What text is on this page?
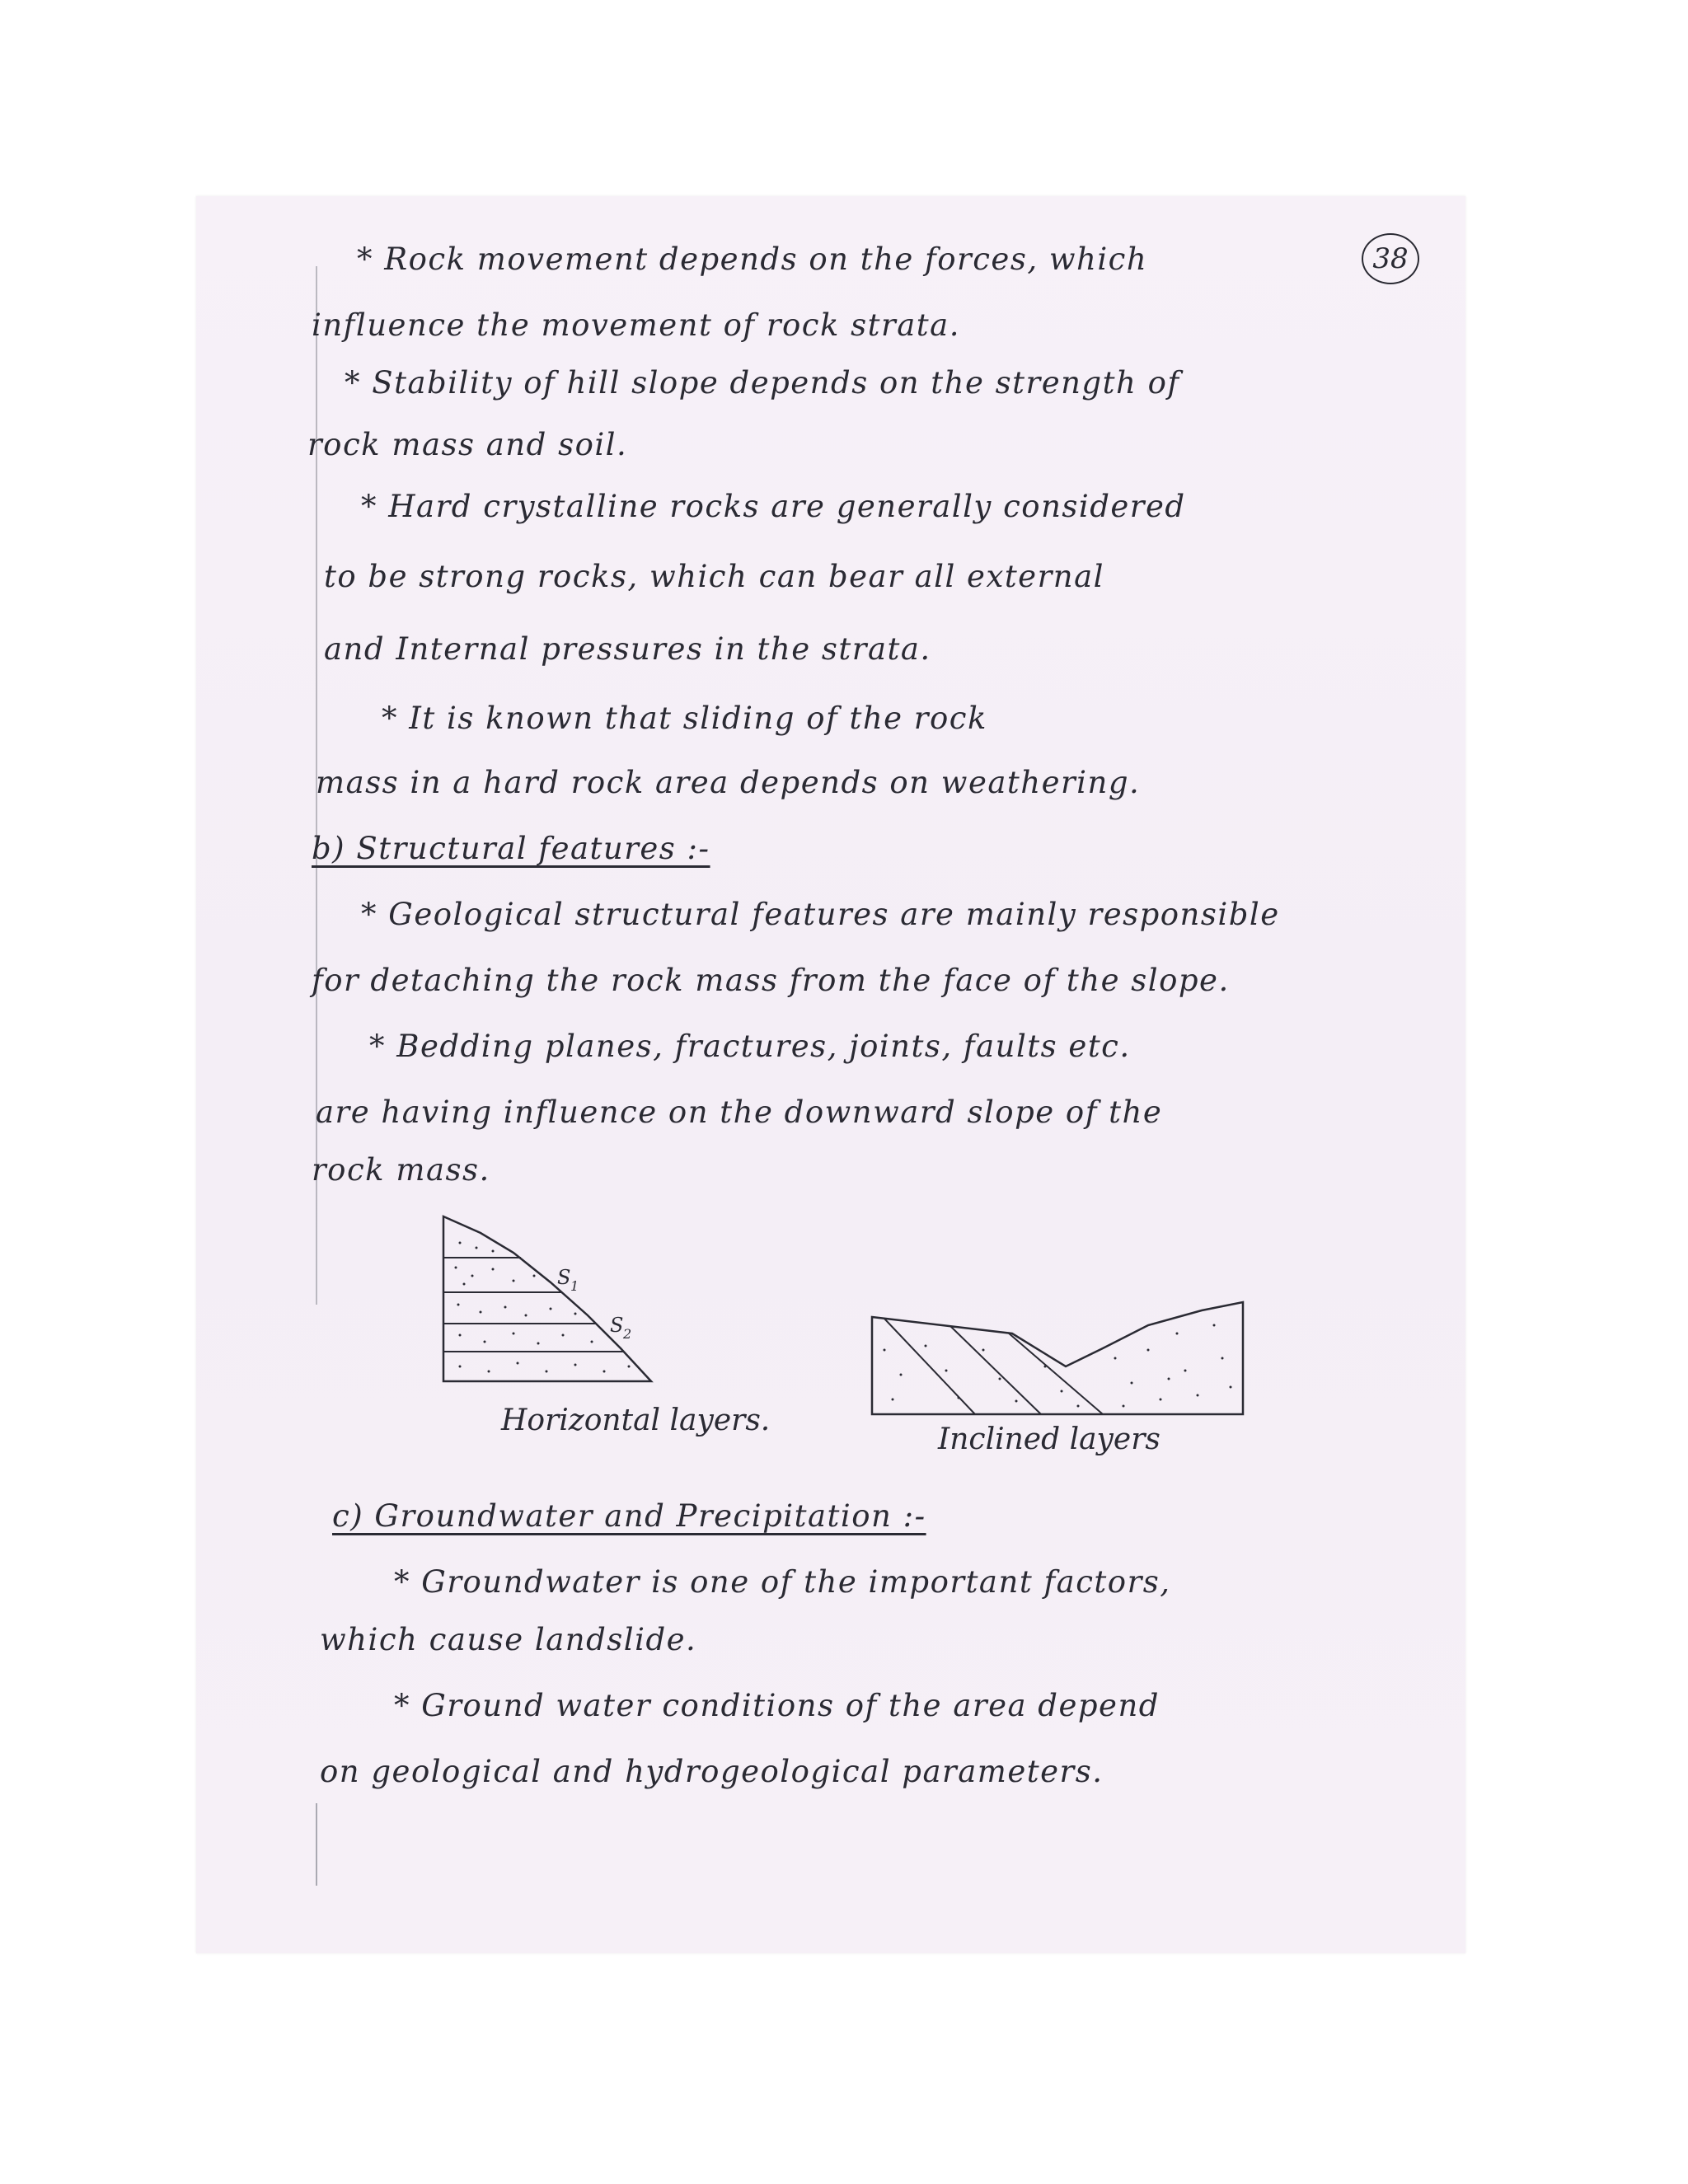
38
* Rock movement depends on the forces, which
influence the movement of rock strata.
* Stability of hill slope depends on the strength of
rock mass and soil.
* Hard crystalline rocks are generally considered
to be strong rocks, which can bear all external
and Internal pressures in the strata.
* It is known that sliding of the rock
mass in a hard rock area depends on weathering.
b) Structural features :-
* Geological structural features are mainly responsible
for detaching the rock mass from the face of the slope.
* Bedding planes, fractures, joints, faults etc.
are having influence on the downward slope of the
rock mass.
S 1
S 2
Horizontal layers.
Inclined layers
c) Groundwater and Precipitation :-
* Groundwater is one of the important factors,
which cause landslide.
* Ground water conditions of the area depend
on geological and hydrogeological parameters.
